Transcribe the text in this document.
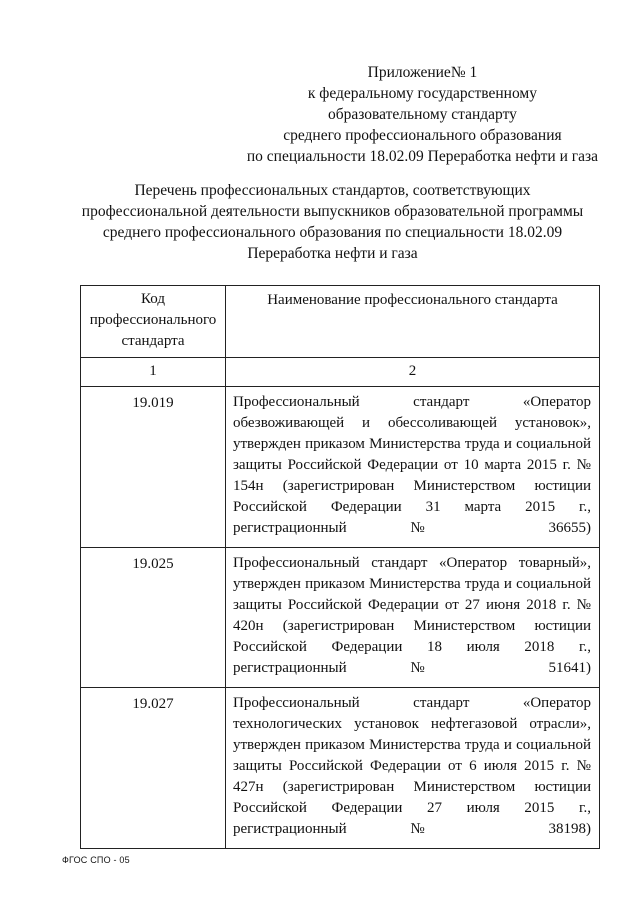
Приложение№ 1
к федеральному государственному
образовательному стандарту
среднего профессионального образования
по специальности 18.02.09 Переработка нефти и газа
Перечень профессиональных стандартов, соответствующих профессиональной деятельности выпускников образовательной программы среднего профессионального образования по специальности 18.02.09 Переработка нефти и газа
Код профессионального стандарта	Наименование профессионального стандарта
1	2
19.019	Профессиональный стандарт «Оператор обезвоживающей и обессоливающей установок», утвержден приказом Министерства труда и социальной защиты Российской Федерации от 10 марта 2015 г. № 154н (зарегистрирован Министерством юстиции Российской Федерации 31 марта 2015 г., регистрационный № 36655)
19.025	Профессиональный стандарт «Оператор товарный», утвержден приказом Министерства труда и социальной защиты Российской Федерации от 27 июня 2018 г. № 420н (зарегистрирован Министерством юстиции Российской Федерации 18 июля 2018 г., регистрационный № 51641)
19.027	Профессиональный стандарт «Оператор технологических установок нефтегазовой отрасли», утвержден приказом Министерства труда и социальной защиты Российской Федерации от 6 июля 2015 г. № 427н (зарегистрирован Министерством юстиции Российской Федерации 27 июля 2015 г., регистрационный № 38198)
ФГОС СПО - 05
